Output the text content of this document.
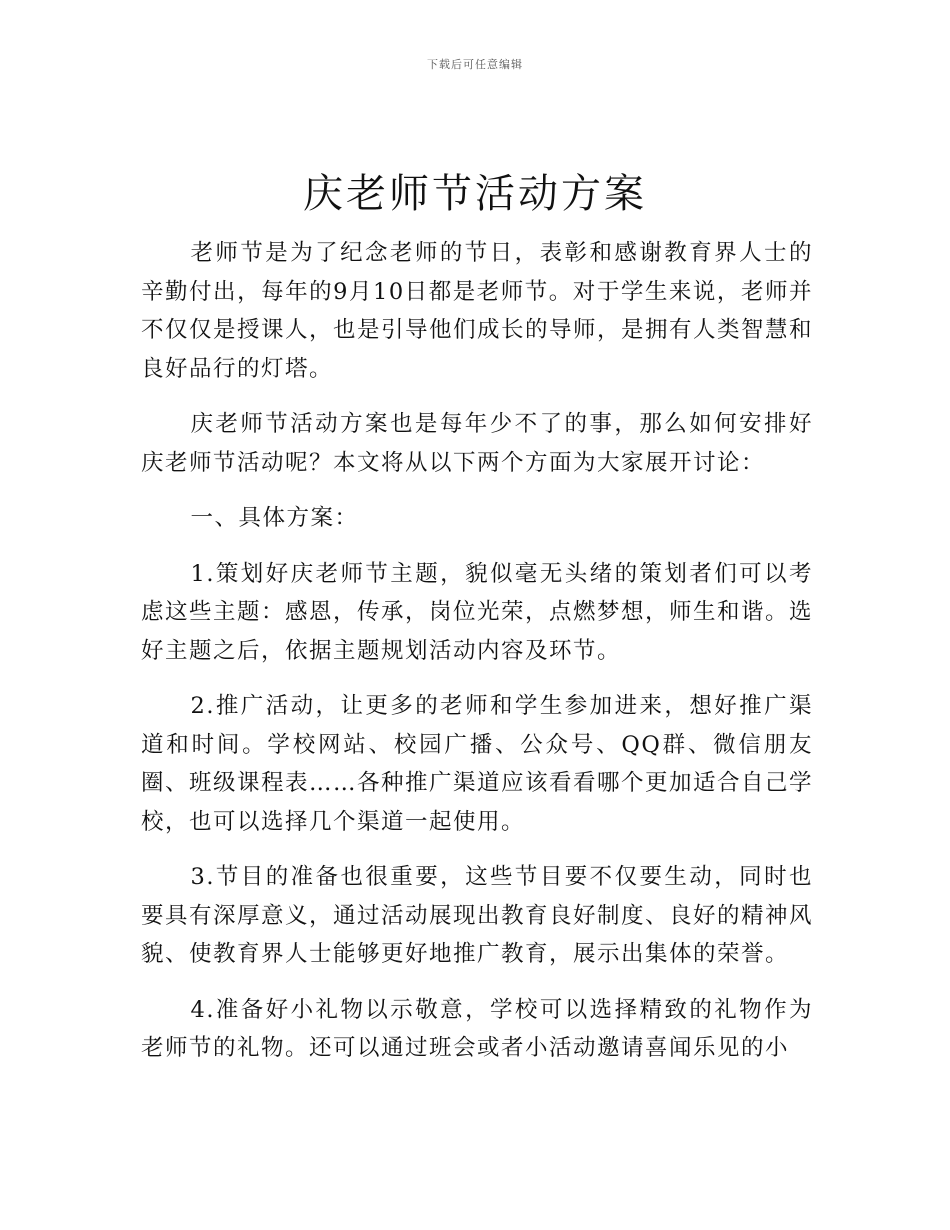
下载后可任意编辑
庆老师节活动方案

老师节是为了纪念老师的节日，表彰和感谢教育界人士的辛勤付出，每年的9月10日都是老师节。对于学生来说，老师并不仅仅是授课人，也是引导他们成长的导师，是拥有人类智慧和良好品行的灯塔。

庆老师节活动方案也是每年少不了的事，那么如何安排好庆老师节活动呢？本文将从以下两个方面为大家展开讨论：

一、具体方案：

1.策划好庆老师节主题，貌似毫无头绪的策划者们可以考虑这些主题：感恩，传承，岗位光荣，点燃梦想，师生和谐。选好主题之后，依据主题规划活动内容及环节。

2.推广活动，让更多的老师和学生参加进来，想好推广渠道和时间。学校网站、校园广播、公众号、QQ群、微信朋友圈、班级课程表……各种推广渠道应该看看哪个更加适合自己学校，也可以选择几个渠道一起使用。

3.节目的准备也很重要，这些节目要不仅要生动，同时也要具有深厚意义，通过活动展现出教育良好制度、良好的精神风貌、使教育界人士能够更好地推广教育，展示出集体的荣誉。

4.准备好小礼物以示敬意，学校可以选择精致的礼物作为老师节的礼物。还可以通过班会或者小活动邀请喜闻乐见的小
